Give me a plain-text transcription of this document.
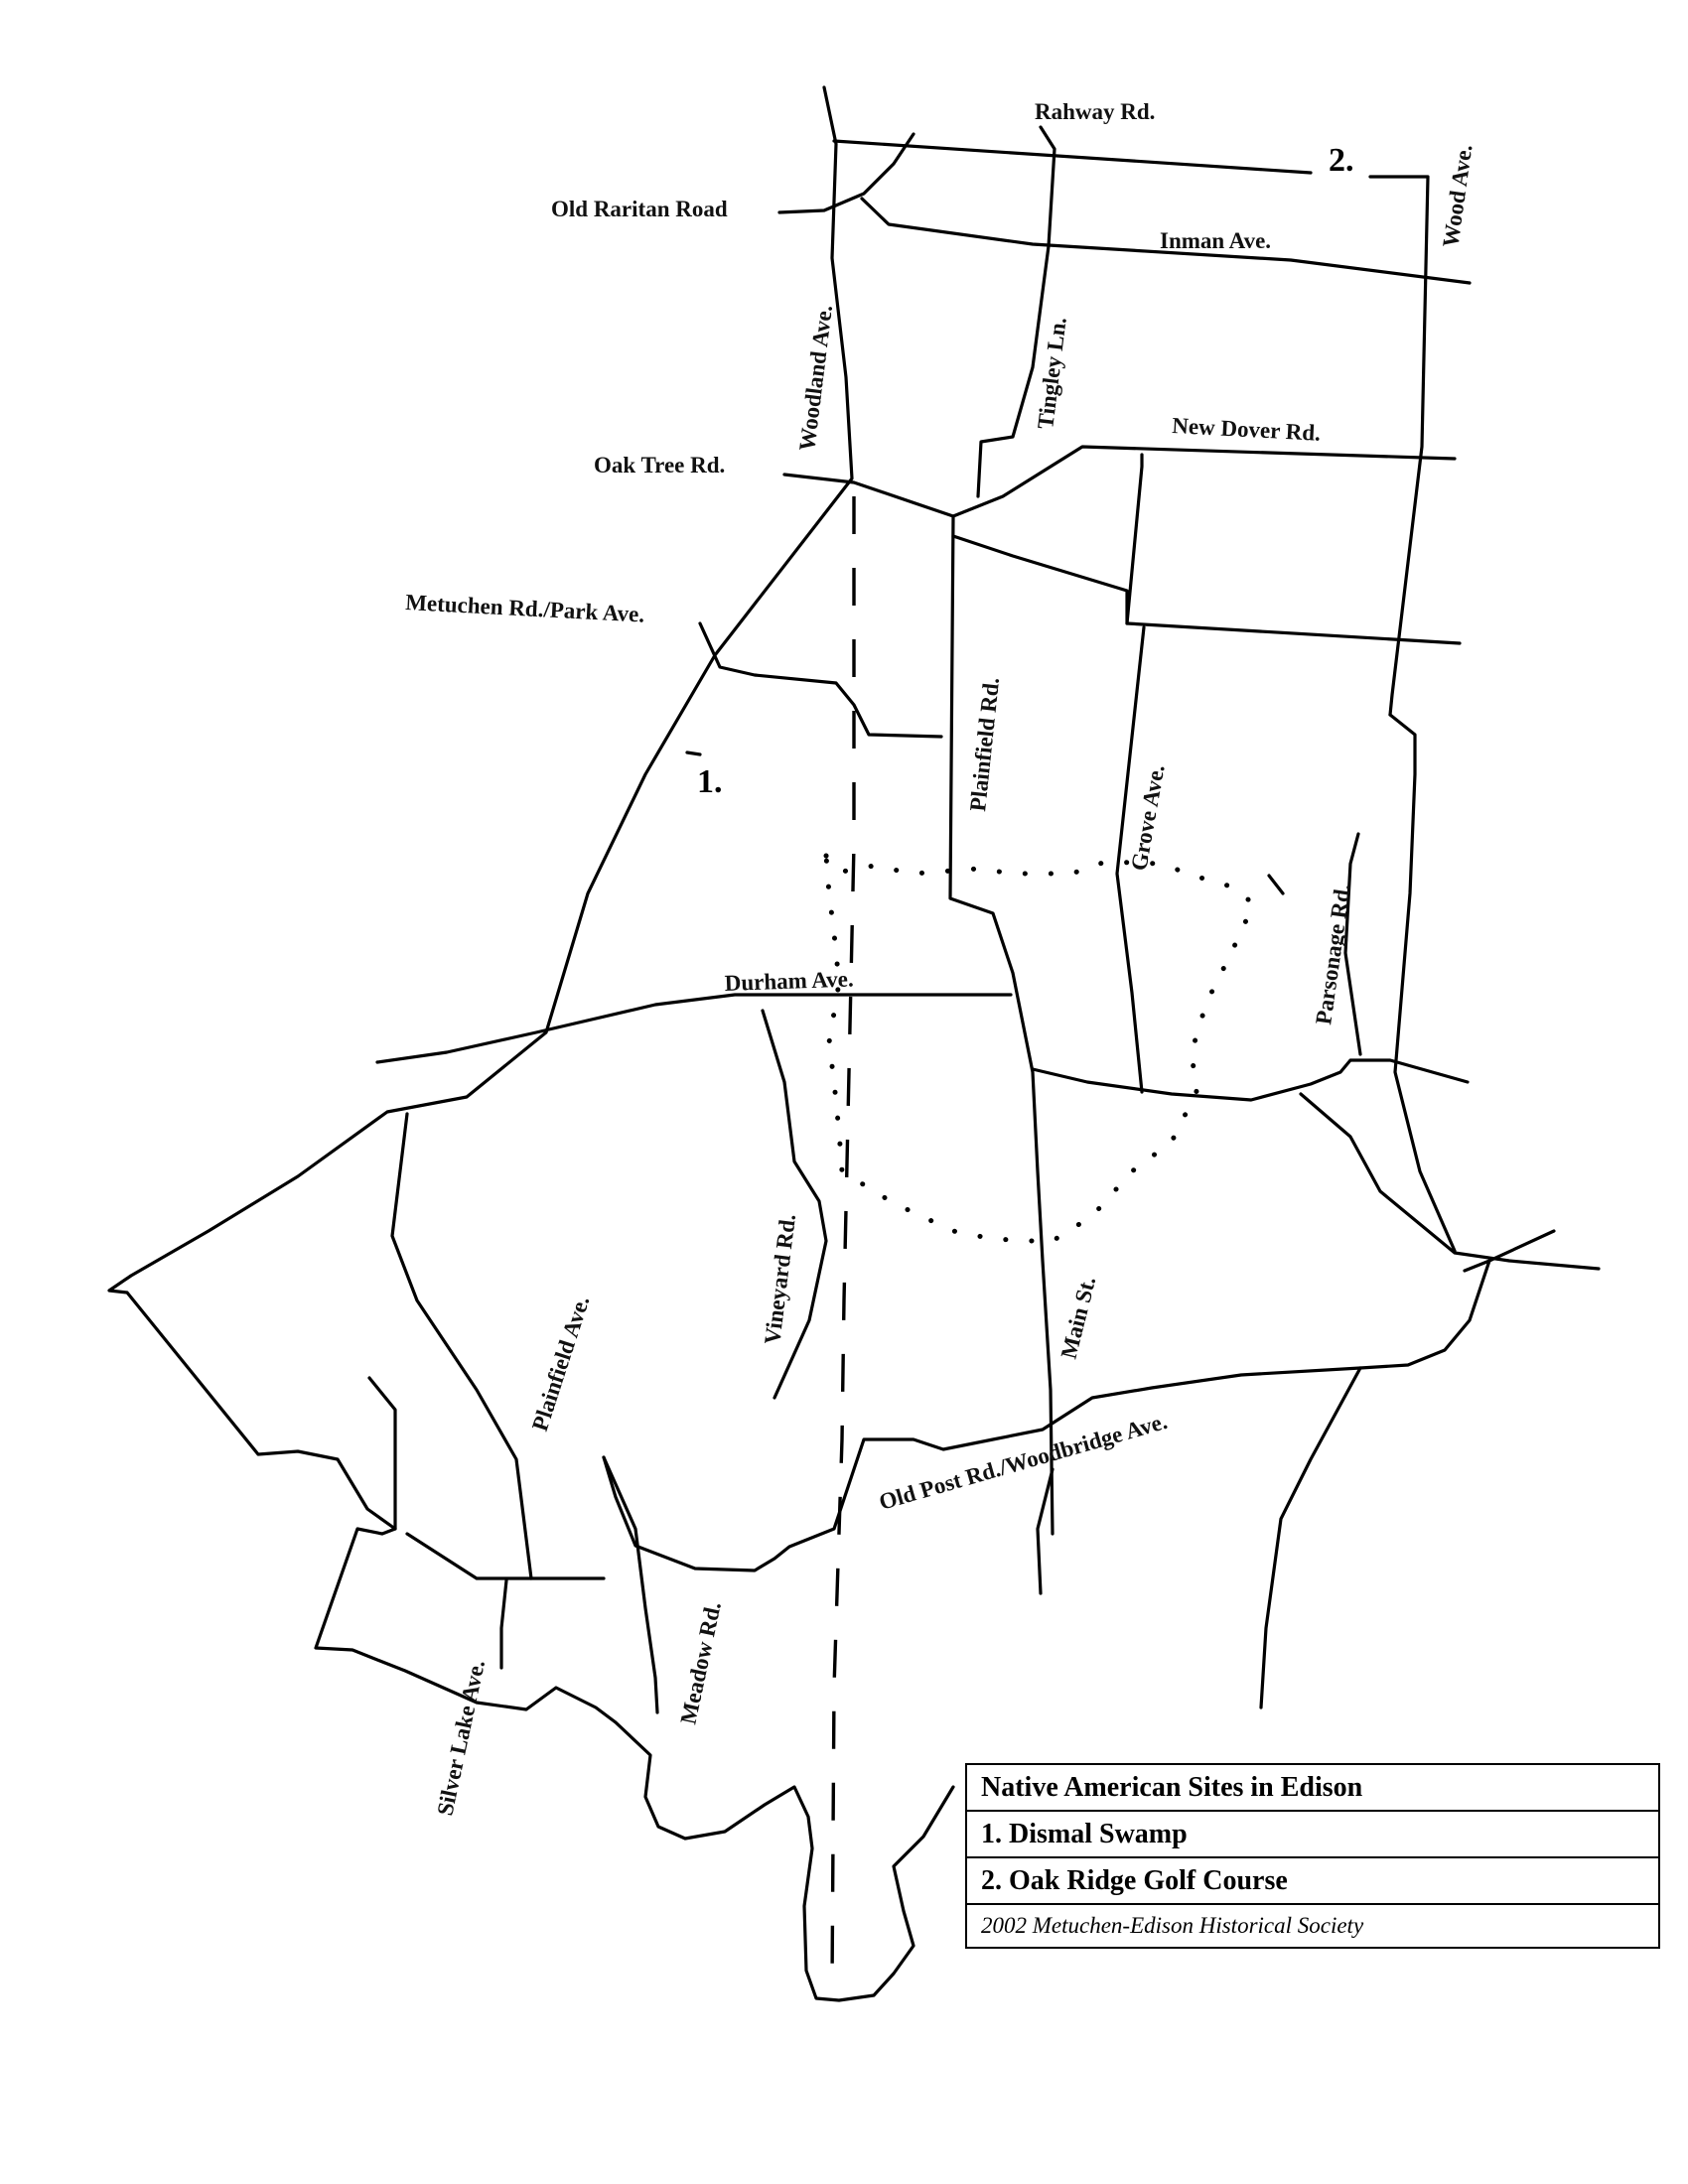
Rahway Rd.
Old Raritan Road
Inman Ave.	Wood Ave.
Woodland Ave.	Tingley Ln.	New Dover Rd.
Oak Tree Rd.
Metuchen Rd./Park Ave.
Plainfield Rd.
Grove Ave.
Parsonage Rd.
Durham Ave.
Vineyard Rd.	Main St.
Plainfield Ave.
Old Post Rd./Woodbridge Ave.
Meadow Rd.
Silver Lake Ave.
1.
2.
Native American Sites in Edison
1. Dismal Swamp
2. Oak Ridge Golf Course
2002 Metuchen-Edison Historical Society
